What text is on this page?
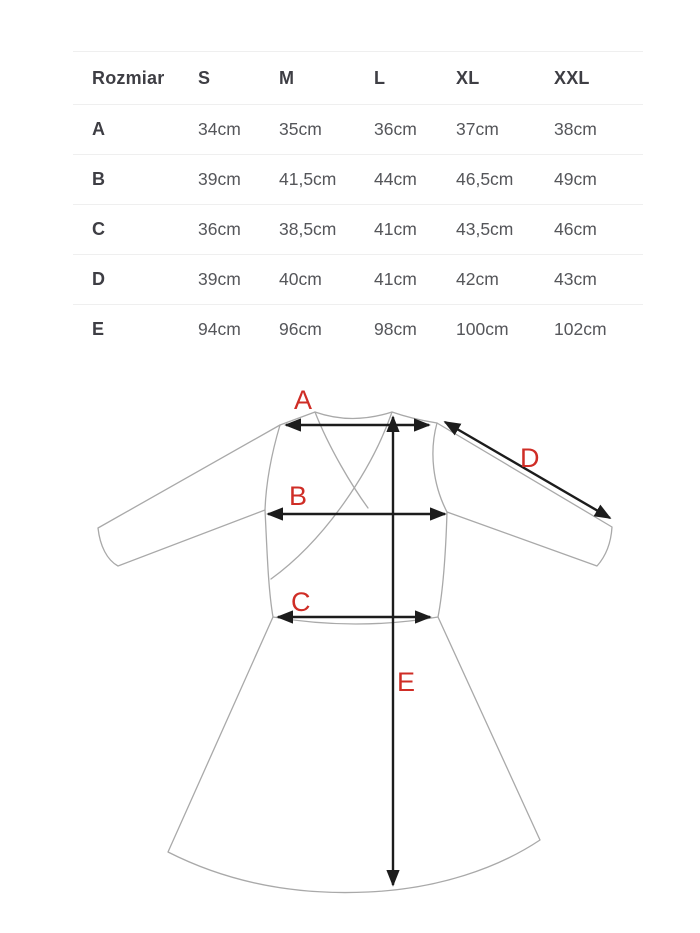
Rozmiar	S	M	L	XL	XXL
A	34cm	35cm	36cm	37cm	38cm
B	39cm	41,5cm	44cm	46,5cm	49cm
C	36cm	38,5cm	41cm	43,5cm	46cm
D	39cm	40cm	41cm	42cm	43cm
E	94cm	96cm	98cm	100cm	102cm
A
B
C
D
E
